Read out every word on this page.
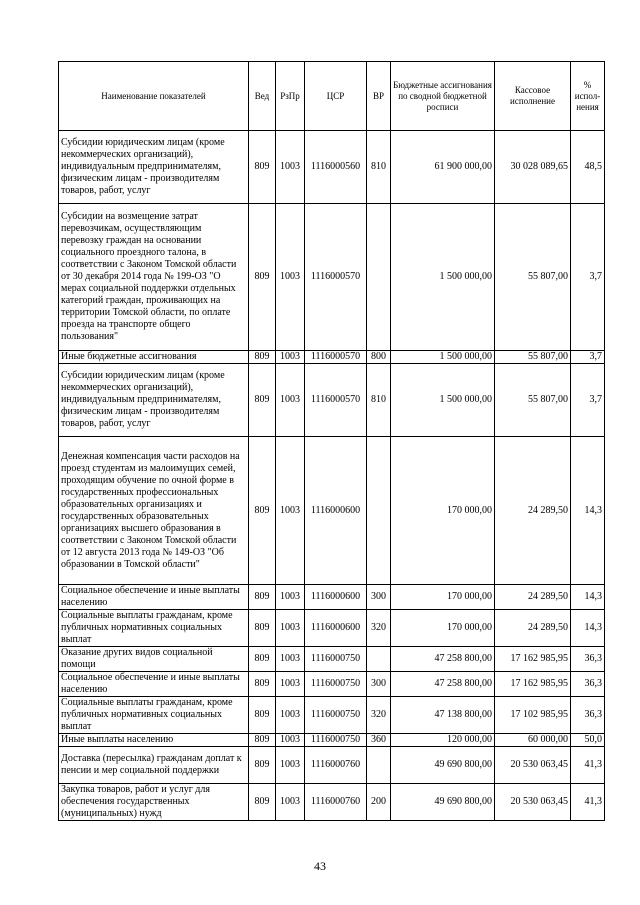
Наименование показателей	Вед	РзПр	ЦСР	ВР	Бюджетные ассигнования по сводной бюджетной росписи	Кассовое исполнение	% испол-нения
Субсидии юридическим лицам (кроме некоммерческих организаций), индивидуальным предпринимателям, физическим лицам - производителям товаров, работ, услуг	809	1003	1116000560	810	61 900 000,00	30 028 089,65	48,5
Субсидии на возмещение затрат перевозчикам, осуществляющим перевозку граждан на основании социального проездного талона, в соответствии с Законом Томской области от 30 декабря 2014 года № 199-ОЗ "О мерах социальной поддержки отдельных категорий граждан, проживающих на территории Томской области, по оплате проезда на транспорте общего пользования"	809	1003	1116000570		1 500 000,00	55 807,00	3,7
Иные бюджетные ассигнования	809	1003	1116000570	800	1 500 000,00	55 807,00	3,7
Субсидии юридическим лицам (кроме некоммерческих организаций), индивидуальным предпринимателям, физическим лицам - производителям товаров, работ, услуг	809	1003	1116000570	810	1 500 000,00	55 807,00	3,7
Денежная компенсация части расходов на проезд студентам из малоимущих семей, проходящим обучение по очной форме в государственных профессиональных образовательных организациях и государственных образовательных организациях высшего образования в соответствии с Законом Томской области от 12 августа 2013 года № 149-ОЗ "Об образовании в Томской области"	809	1003	1116000600		170 000,00	24 289,50	14,3
Социальное обеспечение и иные выплаты населению	809	1003	1116000600	300	170 000,00	24 289,50	14,3
Социальные выплаты гражданам, кроме публичных нормативных социальных выплат	809	1003	1116000600	320	170 000,00	24 289,50	14,3
Оказание других видов социальной помощи	809	1003	1116000750		47 258 800,00	17 162 985,95	36,3
Социальное обеспечение и иные выплаты населению	809	1003	1116000750	300	47 258 800,00	17 162 985,95	36,3
Социальные выплаты гражданам, кроме публичных нормативных социальных выплат	809	1003	1116000750	320	47 138 800,00	17 102 985,95	36,3
Иные выплаты населению	809	1003	1116000750	360	120 000,00	60 000,00	50,0
Доставка (пересылка) гражданам доплат к пенсии и мер социальной поддержки	809	1003	1116000760		49 690 800,00	20 530 063,45	41,3
Закупка товаров, работ и услуг для обеспечения государственных (муниципальных) нужд	809	1003	1116000760	200	49 690 800,00	20 530 063,45	41,3
43
